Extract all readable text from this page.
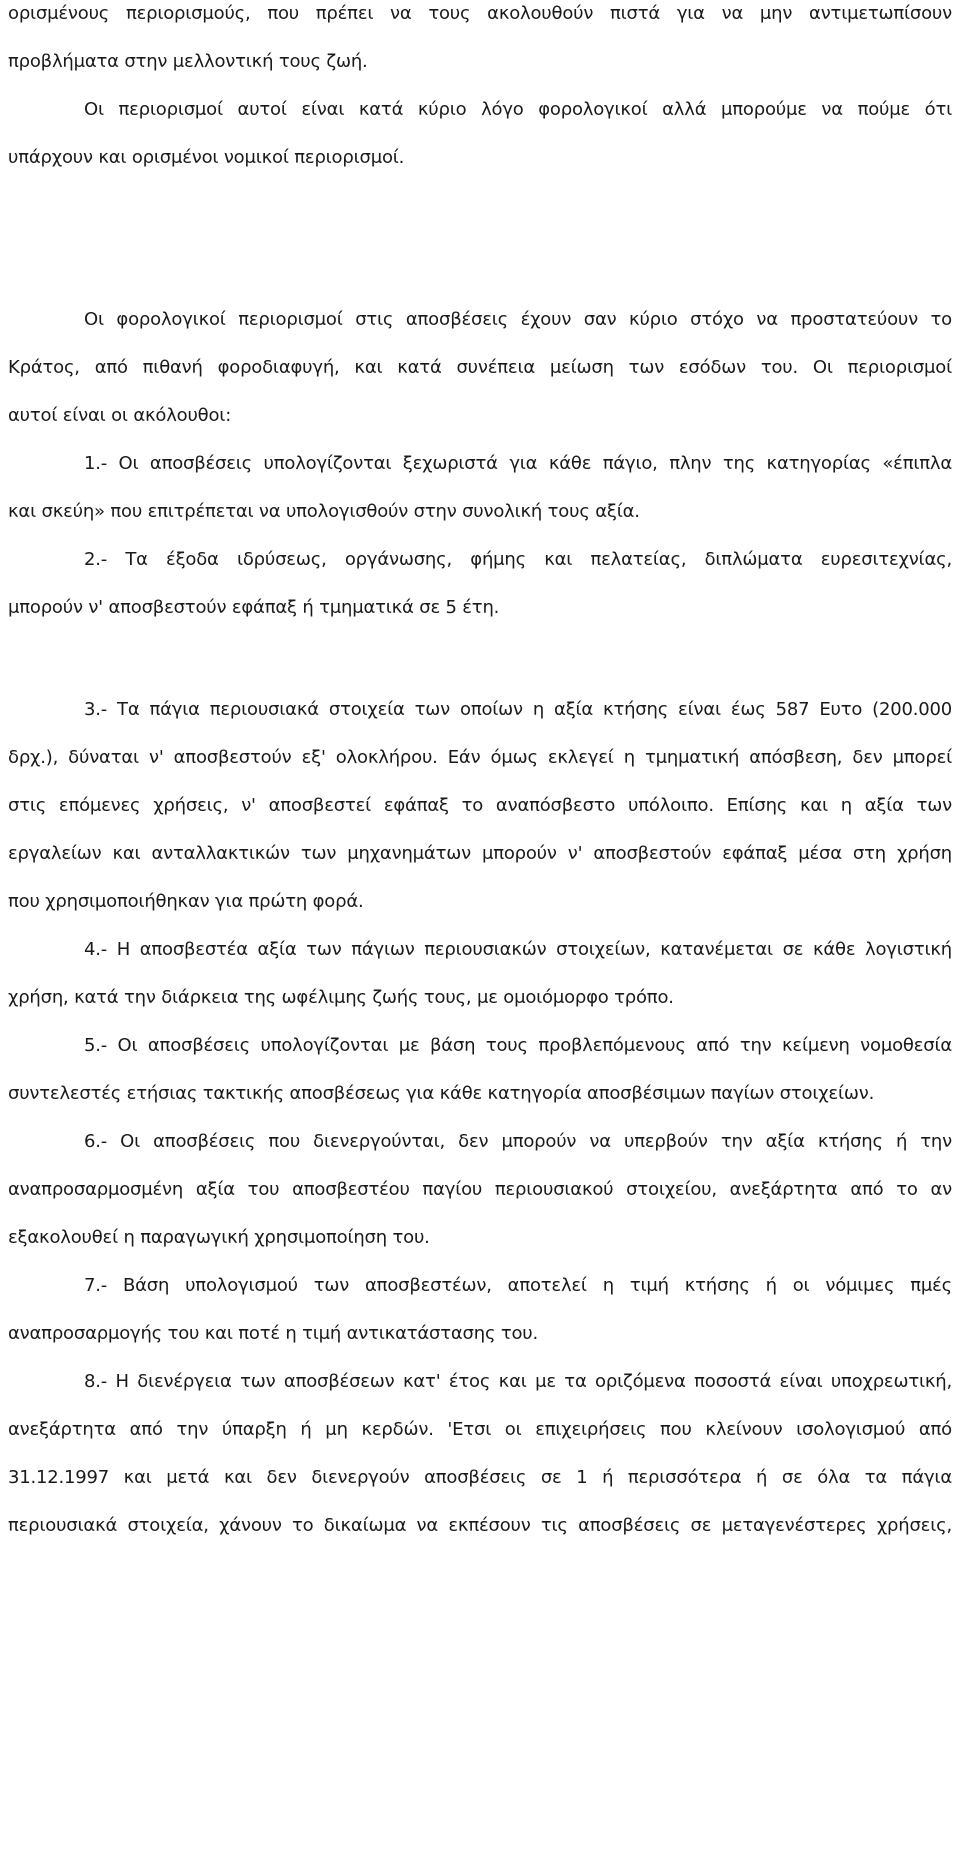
ορισμένους περιορισμούς, που πρέπει να τους ακολουθούν πιστά για να μην αντιμετωπίσουν
προβλήματα στην μελλοντική τους ζωή.
Οι περιορισμοί αυτοί είναι κατά κύριο λόγο φορολογικοί αλλά μπορούμε να πούμε ότι
υπάρχουν και ορισμένοι νομικοί περιορισμοί.
Οι φορολογικοί περιορισμοί στις αποσβέσεις έχουν σαν κύριο στόχο να προστατεύουν το
Κράτος, από πιθανή φοροδιαφυγή, και κατά συνέπεια μείωση των εσόδων του. Οι περιορισμοί
αυτοί είναι οι ακόλουθοι:
1.- Οι αποσβέσεις υπολογίζονται ξεχωριστά για κάθε πάγιο, πλην της κατηγορίας «έπιπλα
και σκεύη» που επιτρέπεται να υπολογισθούν στην συνολική τους αξία.
2.- Τα έξοδα ιδρύσεως, οργάνωσης, φήμης και πελατείας, διπλώματα ευρεσιτεχνίας,
μπορούν ν' αποσβεστούν εφάπαξ ή τμηματικά σε 5 έτη.
3.- Τα πάγια περιουσιακά στοιχεία των οποίων η αξία κτήσης είναι έως 587 Ευτο (200.000
δρχ.), δύναται ν' αποσβεστούν εξ' ολοκλήρου. Εάν όμως εκλεγεί η τμηματική απόσβεση, δεν μπορεί
στις επόμενες χρήσεις, ν' αποσβεστεί εφάπαξ το αναπόσβεστο υπόλοιπο. Επίσης και η αξία των
εργαλείων και ανταλλακτικών των μηχανημάτων μπορούν ν' αποσβεστούν εφάπαξ μέσα στη χρήση
που χρησιμοποιήθηκαν για πρώτη φορά.
4.- Η αποσβεστέα αξία των πάγιων περιουσιακών στοιχείων, κατανέμεται σε κάθε λογιστική
χρήση, κατά την διάρκεια της ωφέλιμης ζωής τους, με ομοιόμορφο τρόπο.
5.- Οι αποσβέσεις υπολογίζονται με βάση τους προβλεπόμενους από την κείμενη νομοθεσία
συντελεστές ετήσιας τακτικής αποσβέσεως για κάθε κατηγορία αποσβέσιμων παγίων στοιχείων.
6.- Οι αποσβέσεις που διενεργούνται, δεν μπορούν να υπερβούν την αξία κτήσης ή την
αναπροσαρμοσμένη αξία του αποσβεστέου παγίου περιουσιακού στοιχείου, ανεξάρτητα από το αν
εξακολουθεί η παραγωγική χρησιμοποίηση του.
7.- Βάση υπολογισμού των αποσβεστέων, αποτελεί η τιμή κτήσης ή οι νόμιμες πμές
αναπροσαρμογής του και ποτέ η τιμή αντικατάστασης του.
8.- Η διενέργεια των αποσβέσεων κατ' έτος και με τα οριζόμενα ποσοστά είναι υποχρεωτική,
ανεξάρτητα από την ύπαρξη ή μη κερδών. 'Ετσι οι επιχειρήσεις που κλείνουν ισολογισμού από
31.12.1997 και μετά και δεν διενεργούν αποσβέσεις σε 1 ή περισσότερα ή σε όλα τα πάγια
περιουσιακά στοιχεία, χάνουν το δικαίωμα να εκπέσουν τις αποσβέσεις σε μεταγενέστερες χρήσεις,
